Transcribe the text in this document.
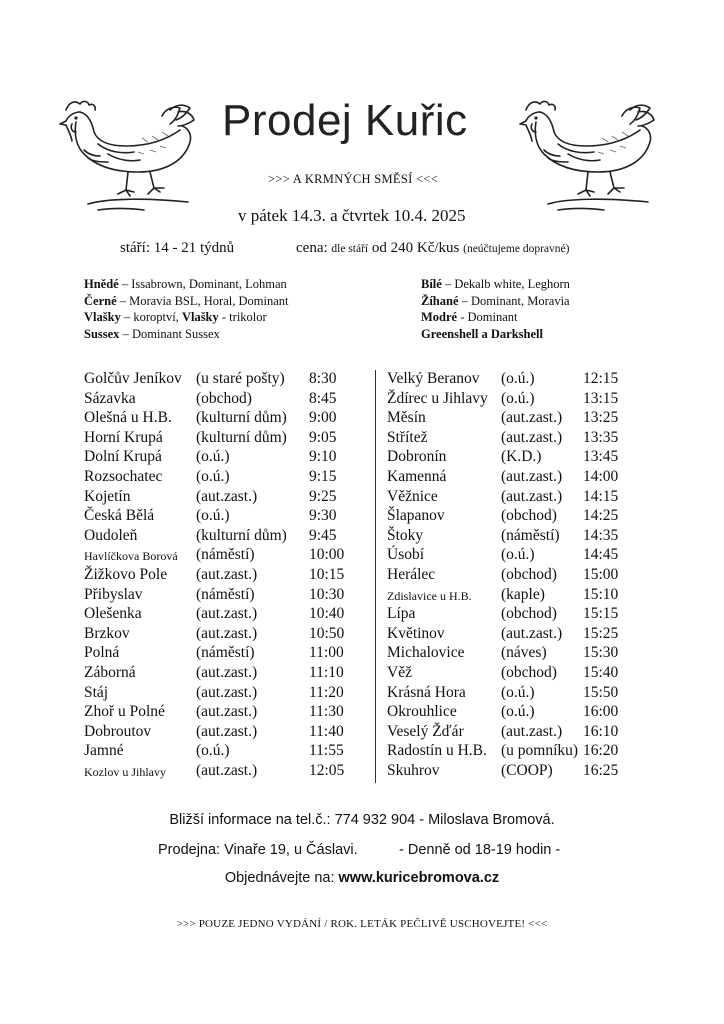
Prodej Kuřic
>>> A KRMNÝCH SMĚSÍ <<<
v pátek 14.3. a čtvrtek 10.4. 2025
stáří: 14 - 21 týdnů	cena: dle stáří od 240 Kč/kus (neúčtujeme dopravné)
Hnědé – Issabrown, Dominant, Lohman
Černé – Moravia BSL, Horal, Dominant
Vlašky – koroptví, Vlašky - trikolor
Sussex – Dominant Sussex
Bílé – Dekalb white, Leghorn
Žíhané – Dominant, Moravia
Modré - Dominant
Greenshell a Darkshell
Golčův Jeníkov (u staré pošty) 8:30
Sázavka	(obchod)	8:45
Olešná u H.B. (kulturní dům) 9:00
Horní Krupá (kulturní dům) 9:05
Dolní Krupá (o.ú.)	9:10
Rozsochatec (o.ú.)	9:15
Kojetín	(aut.zast.)	9:25
Česká Bělá	(o.ú.)	9:30
Oudoleň	(kulturní dům) 9:45
Havlíčkova Borová (náměstí)	10:00
Žižkovo Pole (aut.zast.)	10:15
Přibyslav	(náměstí)	10:30
Olešenka	(aut.zast.)	10:40
Brzkov	(aut.zast.)	10:50
Polná	(náměstí)	11:00
Záborná	(aut.zast.)	11:10
Stáj	(aut.zast.)	11:20
Zhoř u Polné (aut.zast.)	11:30
Dobroutov	(aut.zast.)	11:40
Jamné	(o.ú.)	11:55
Kozlov u Jihlavy (aut.zast.)	12:05
Velký Beranov (o.ú.)	12:15
Ždírec u Jihlavy (o.ú.)	13:15
Měsín	(aut.zast.) 13:25
Střítež	(aut.zast.) 13:35
Dobronín	(K.D.)	13:45
Kamenná	(aut.zast.) 14:00
Věžnice	(aut.zast.) 14:15
Šlapanov	(obchod) 14:25
Štoky	(náměstí) 14:35
Úsobí	(o.ú.)	14:45
Herálec	(obchod) 15:00
Zdislavice u H.B. (kaple) 15:10
Lípa	(obchod) 15:15
Květinov	(aut.zast.) 15:25
Michalovice (náves) 15:30
Věž	(obchod) 15:40
Krásná Hora (o.ú.)	15:50
Okrouhlice	(o.ú.)	16:00
Veselý Žďár (aut.zast.) 16:10
Radostín u H.B. (u pomníku) 16:20
Skuhrov	(COOP) 16:25
Bližší informace na tel.č.: 774 932 904 - Miloslava Bromová.
Prodejna: Vinaře 19, u Čáslavi.	- Denně od 18-19 hodin -
Objednávejte na: www.kuricebromova.cz
>>> POUZE JEDNO VYDÁNÍ / ROK. LETÁK PEČLIVĚ USCHOVEJTE! <<<
